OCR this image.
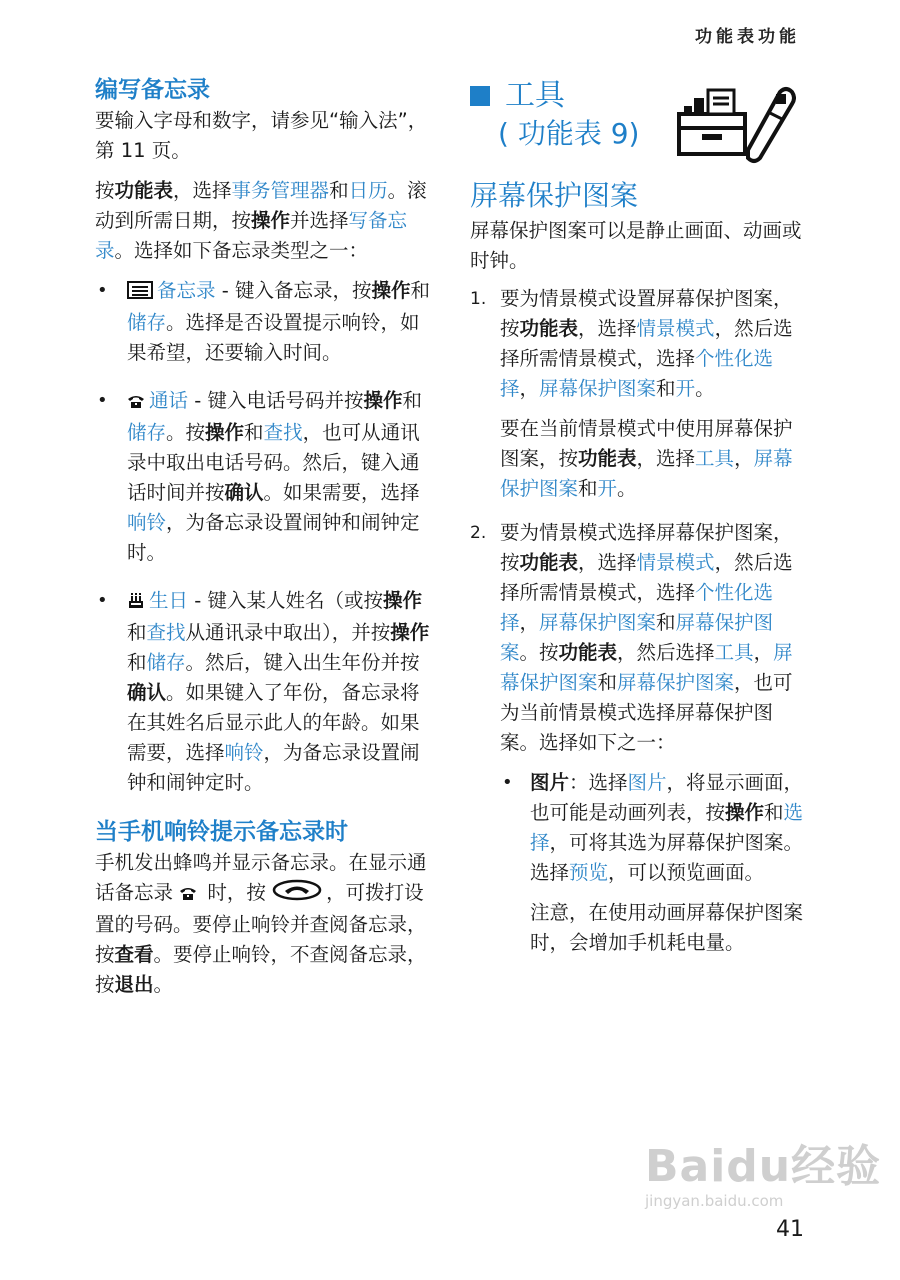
功能表功能
编写备忘录

要输入字母和数字，请参见“输入法”，第 11 页。

按功能表，选择事务管理器和日历。滚动到所需日期，按操作并选择写备忘录。选择如下备忘录类型之一：

•	备忘录 - 键入备忘录，按操作和储存。选择是否设置提示响铃，如果希望，还要输入时间。
• 通话 - 键入电话号码并按操作和储存。按操作和查找，也可从通讯录中取出电话号码。然后，键入通话时间并按确认。如果需要，选择响铃，为备忘录设置闹钟和闹钟定时。
• 生日 - 键入某人姓名（或按操作和查找从通讯录中取出），并按操作和储存。然后，键入出生年份并按确认。如果键入了年份，备忘录将在其姓名后显示此人的年龄。如果需要，选择响铃，为备忘录设置闹钟和闹钟定时。
当手机响铃提示备忘录时

手机发出蜂鸣并显示备忘录。在显示通话备忘录  时，按	，可拨打设置的号码。要停止响铃并查阅备忘录，按查看。要停止响铃，不查阅备忘录，按退出。

工具
( 功能表 9)
屏幕保护图案

屏幕保护图案可以是静止画面、动画或时钟。

1. 要为情景模式设置屏幕保护图案，按功能表，选择情景模式，然后选择所需情景模式，选择个性化选择，屏幕保护图案和开。
要在当前情景模式中使用屏幕保护图案，按功能表，选择工具，屏幕保护图案和开。
2. 要为情景模式选择屏幕保护图案，按功能表，选择情景模式，然后选择所需情景模式，选择个性化选择，屏幕保护图案和屏幕保护图案。按功能表，然后选择工具，屏幕保护图案和屏幕保护图案，也可为当前情景模式选择屏幕保护图案。选择如下之一：
• 图片：选择图片，将显示画面，也可能是动画列表，按操作和选择，可将其选为屏幕保护图案。选择预览，可以预览画面。
注意，在使用动画屏幕保护图案时，会增加手机耗电量。
Baidu经验
jingyan.baidu.com
41
